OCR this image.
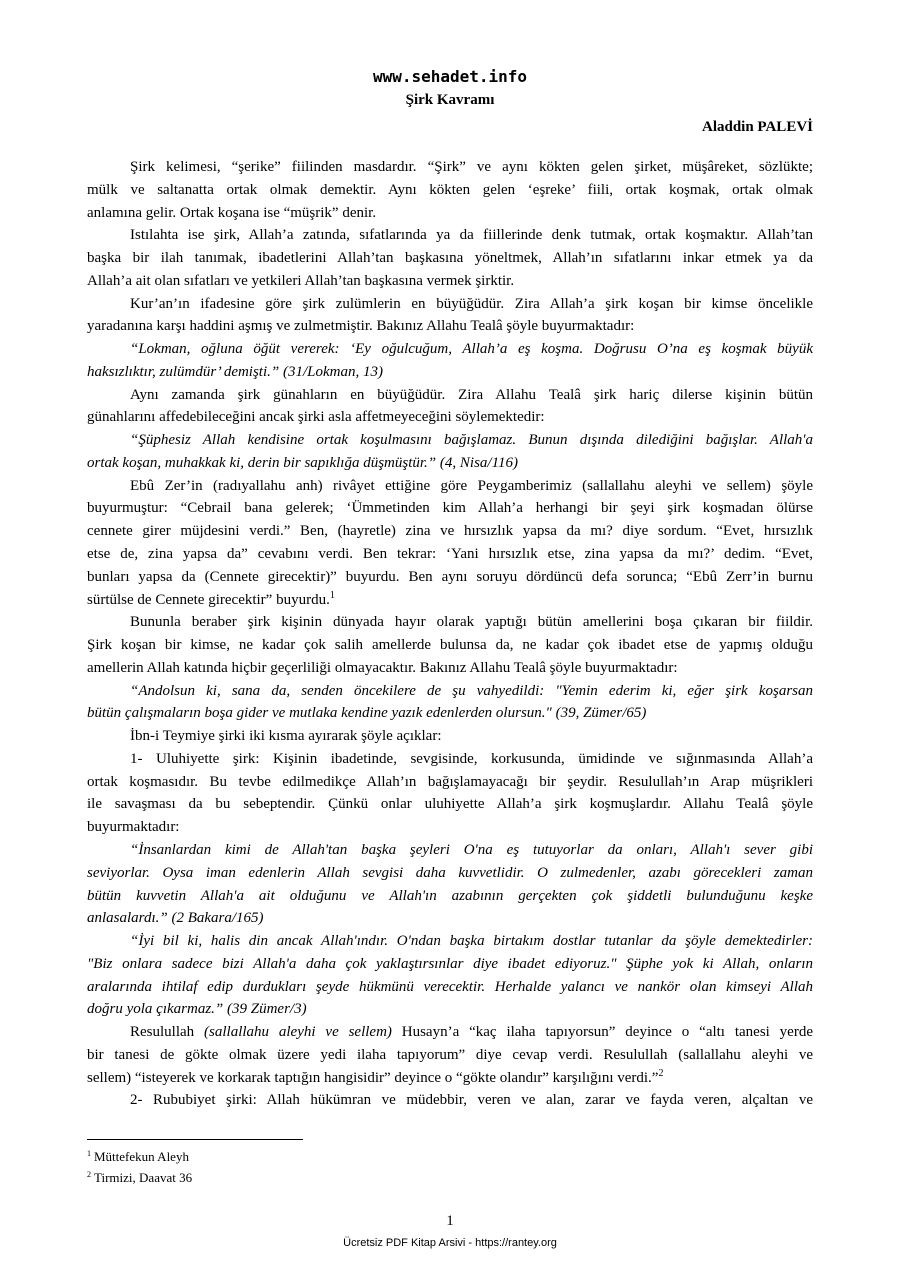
www.sehadet.info
Şirk Kavramı
Aladdin PALEVİ
Şirk kelimesi, “şerike” fiilinden masdardır. “Şirk” ve aynı kökten gelen şirket, müşâreket, sözlükte;
mülk ve saltanatta ortak olmak demektir. Aynı kökten gelen ‘eşreke’ fiili, ortak koşmak, ortak olmak
anlamına gelir. Ortak koşana ise “müşrik” denir.
Istılahta ise şirk, Allah’a zatında, sıfatlarında ya da fiillerinde denk tutmak, ortak koşmaktır. Allah’tan
başka bir ilah tanımak, ibadetlerini Allah’tan başkasına yöneltmek, Allah’ın sıfatlarını inkar etmek ya da
Allah’a ait olan sıfatları ve yetkileri Allah’tan başkasına vermek şirktir.
Kur’an’ın ifadesine göre şirk zulümlerin en büyüğüdür. Zira Allah’a şirk koşan bir kimse öncelikle
yaradanına karşı haddini aşmış ve zulmetmiştir. Bakınız Allahu Tealâ şöyle buyurmaktadır:
“Lokman, oğluna öğüt vererek: ‘Ey oğulcuğum, Allah’a eş koşma. Doğrusu O’na eş koşmak büyük
haksızlıktır, zulümdür’ demişti.” (31/Lokman, 13)
Aynı zamanda şirk günahların en büyüğüdür. Zira Allahu Tealâ şirk hariç dilerse kişinin bütün
günahlarını affedebileceğini ancak şirki asla affetmeyeceğini söylemektedir:
“Şüphesiz Allah kendisine ortak koşulmasını bağışlamaz. Bunun dışında dilediğini bağışlar. Allah'a
ortak koşan, muhakkak ki, derin bir sapıklığa düşmüştür.” (4, Nisa/116)
Ebû Zer’in (radıyallahu anh) rivâyet ettiğine göre Peygamberimiz (sallallahu aleyhi ve sellem) şöyle
buyurmuştur: “Cebrail bana gelerek; ‘Ümmetinden kim Allah’a herhangi bir şeyi şirk koşmadan ölürse
cennete girer müjdesini verdi.” Ben, (hayretle) zina ve hırsızlık yapsa da mı? diye sordum. “Evet, hırsızlık
etse de, zina yapsa da” cevabını verdi. Ben tekrar: ‘Yani hırsızlık etse, zina yapsa da mı?’ dedim. “Evet,
bunları yapsa da (Cennete girecektir)” buyurdu. Ben aynı soruyu dördüncü defa sorunca; “Ebû Zerr’in burnu
sürtülse de Cennete girecektir” buyurdu.$^1$
Bununla beraber şirk kişinin dünyada hayır olarak yaptığı bütün amellerini boşa çıkaran bir fiildir.
Şirk koşan bir kimse, ne kadar çok salih amellerde bulunsa da, ne kadar çok ibadet etse de yapmış olduğu
amellerin Allah katında hiçbir geçerliliği olmayacaktır. Bakınız Allahu Tealâ şöyle buyurmaktadır:
“Andolsun ki, sana da, senden öncekilere de şu vahyedildi: "Yemin ederim ki, eğer şirk koşarsan
bütün çalışmaların boşa gider ve mutlaka kendine yazık edenlerden olursun." (39, Zümer/65)
İbn-i Teymiye şirki iki kısma ayırarak şöyle açıklar:
1- Uluhiyette şirk: Kişinin ibadetinde, sevgisinde, korkusunda, ümidinde ve sığınmasında Allah’a
ortak koşmasıdır. Bu tevbe edilmedikçe Allah’ın bağışlamayacağı bir şeydir. Resulullah’ın Arap müşrikleri
ile savaşması da bu sebeptendir. Çünkü onlar uluhiyette Allah’a şirk koşmuşlardır. Allahu Tealâ şöyle
buyurmaktadır:
“İnsanlardan kimi de Allah'tan başka şeyleri O'na eş tutuyorlar da onları, Allah'ı sever gibi
seviyorlar. Oysa iman edenlerin Allah sevgisi daha kuvvetlidir. O zulmedenler, azabı görecekleri zaman
bütün kuvvetin Allah'a ait olduğunu ve Allah'ın azabının gerçekten çok şiddetli bulunduğunu keşke
anlasalardı.” (2 Bakara/165)
“İyi bil ki, halis din ancak Allah'ındır. O'ndan başka birtakım dostlar tutanlar da şöyle demektedirler:
"Biz onlara sadece bizi Allah'a daha çok yaklaştırsınlar diye ibadet ediyoruz." Şüphe yok ki Allah, onların
aralarında ihtilaf edip durdukları şeyde hükmünü verecektir. Herhalde yalancı ve nankör olan kimseyi Allah
doğru yola çıkarmaz.” (39 Zümer/3)
Resulullah (sallallahu aleyhi ve sellem) Husayn’a “kaç ilaha tapıyorsun” deyince o “altı tanesi yerde
bir tanesi de gökte olmak üzere yedi ilaha tapıyorum” diye cevap verdi. Resulullah (sallallahu aleyhi ve
sellem) “isteyerek ve korkarak taptığın hangisidir” deyince o “gökte olandır” karşılığını verdi.”$^2$
2- Rububiyet şirki: Allah hükümran ve müdebbir, veren ve alan, zarar ve fayda veren, alçaltan ve
$^1$ Müttefekun Aleyh
$^2$ Tirmizi, Daavat 36
1
Ücretsiz PDF Kitap Arsivi - https://rantey.org
